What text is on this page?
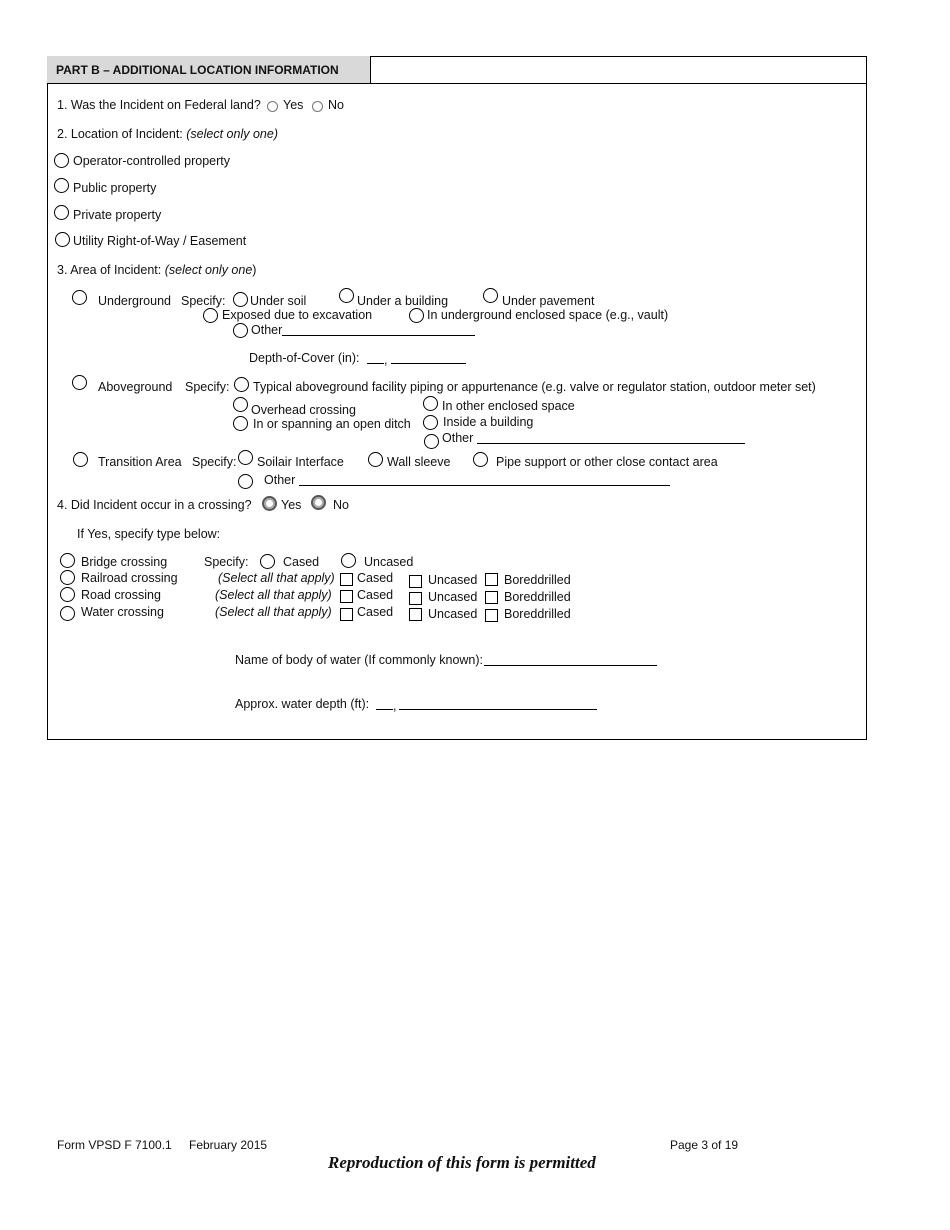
PART B – ADDITIONAL LOCATION INFORMATION
1. Was the Incident on Federal land? Yes No
2. Location of Incident: (select only one)
Operator-controlled property
Public property
Private property
Utility Right-of-Way / Easement
3. Area of Incident: (select only one)
Underground Specify: Under soil	Under a building	Under pavement
Exposed due to excavation	In underground enclosed space (e.g., vault)
Other
Depth-of-Cover (in): ,
Aboveground Specify: Typical aboveground facility piping or appurtenance (e.g. valve or regulator station, outdoor meter set)
Overhead crossing	In other enclosed space
In or spanning an open ditch	Inside a building
Other
Transition Area Specify: Soilair Interface	Wall sleeve	Pipe support or other close contact area
Other
4. Did Incident occur in a crossing? Yes	No
If Yes, specify type below:
Bridge crossing	Specify:	Cased	Uncased
Railroad crossing	(Select all that apply) Cased	Uncased Boreddrilled
Road crossing	(Select all that apply) Cased	Uncased Boreddrilled
Water crossing	(Select all that apply) Cased	Uncased Boreddrilled
Name of body of water (If commonly known):
Approx. water depth (ft): ,
Form VPSD F 7100.1 February 2015	Page 3 of 19
Reproduction of this form is permitted
